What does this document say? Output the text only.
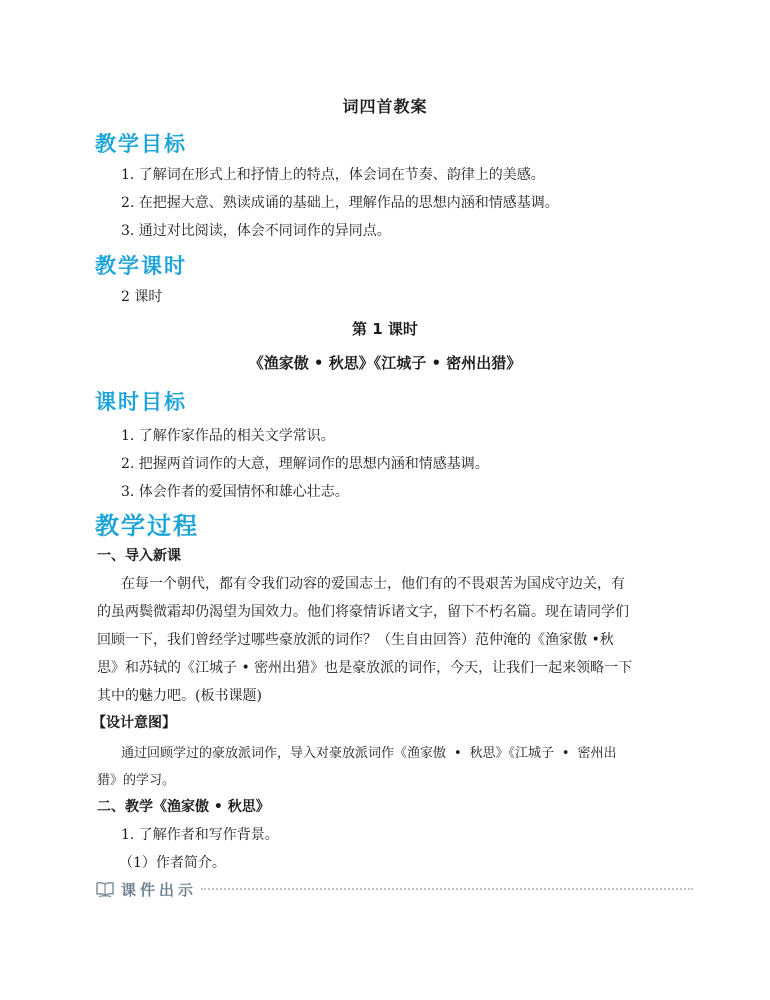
词四首教案
教学目标
1. 了解词在形式上和抒情上的特点，体会词在节奏、韵律上的美感。
2. 在把握大意、熟读成诵的基础上，理解作品的思想内涵和情感基调。
3. 通过对比阅读，体会不同词作的异同点。
教学课时
2 课时
第 1 课时
《渔家傲 • 秋思》《江城子 • 密州出猎》
课时目标
1. 了解作家作品的相关文学常识。
2. 把握两首词作的大意，理解词作的思想内涵和情感基调。
3. 体会作者的爱国情怀和雄心壮志。
教学过程
一、导入新课
在每一个朝代，都有令我们动容的爱国志士，他们有的不畏艰苦为国戍守边关，有
的虽两鬓微霜却仍渴望为国效力。他们将豪情诉诸文字，留下不朽名篇。现在请同学们
回顾一下，我们曾经学过哪些豪放派的词作？（生自由回答）范仲淹的《渔家傲 •秋
思》和苏轼的《江城子 • 密州出猎》也是豪放派的词作，今天，让我们一起来领略一下
其中的魅力吧。(板书课题)
【设计意图】
通过回顾学过的豪放派词作，导入对豪放派词作《渔家傲 • 秋思》《江城子 • 密州出
猎》的学习。
二、教学《渔家傲 • 秋思》
1. 了解作者和写作背景。
（1）作者简介。
课件出示
